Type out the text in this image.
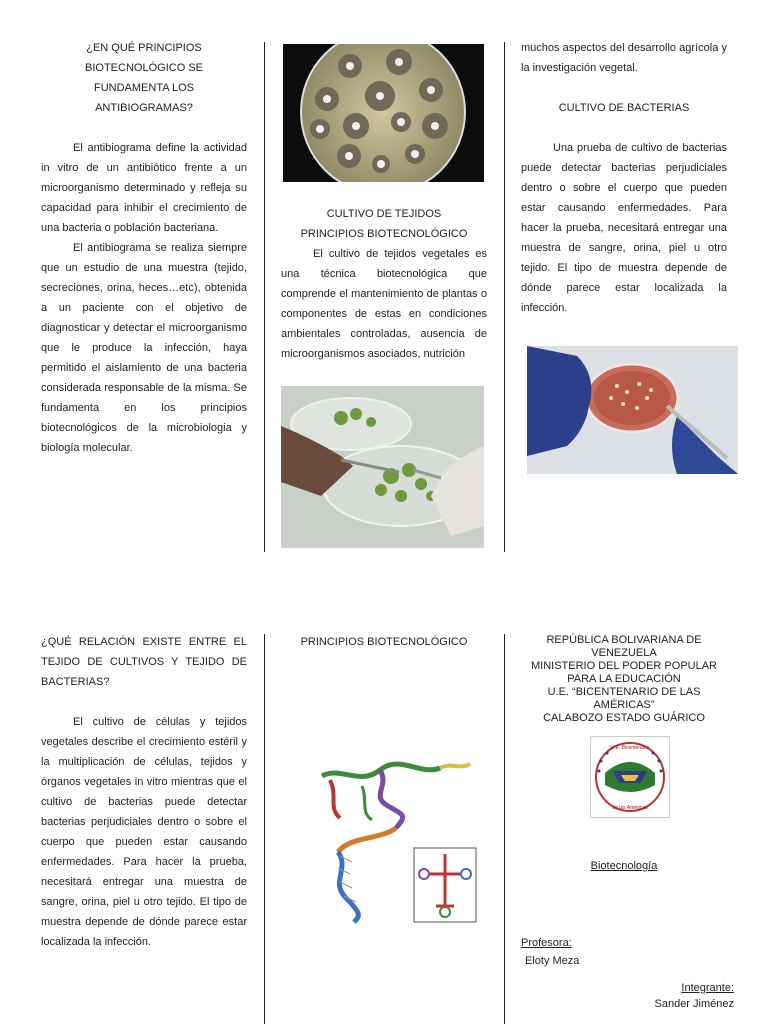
¿EN QUÉ PRINCIPIOS BIOTECNOLÓGICO SE FUNDAMENTA LOS ANTIBIOGRAMAS?

El antibiograma define la actividad in vitro de un antibiótico frente a un microorganismo determinado y refleja su capacidad para inhibir el crecimiento de una bacteria o población bacteriana.

El antibiograma se realiza siempre que un estudio de una muestra (tejido, secreciones, orina, heces…etc), obtenida a un paciente con el objetivo de diagnosticar y detectar el microorganismo que le produce la infección, haya permitido el aislamiento de una bacteria considerada responsable de la misma. Se fundamenta en los principios biotecnológicos de la microbiologia y biología molecular.

CULTIVO DE TEJIDOS PRINCIPIOS BIOTECNOLÓGICO

El cultivo de tejidos vegetales es una técnica biotecnológica que comprende el mantenimiento de plantas o componentes de estas en condiciones ambientales controladas, ausencia de microorganismos asociados, nutrición

muchos aspectos del desarrollo agrícola y la investigación vegetal.

CULTIVO DE BACTERIAS

Una prueba de cultivo de bacterias puede detectar bacterias perjudiciales dentro o sobre el cuerpo que pueden estar causando enfermedades. Para hacer la prueba, necesitará entregar una muestra de sangre, orina, piel u otro tejido. El tipo de muestra depende de dónde parece estar localizada la infección.

¿QUÉ RELACIÓN EXISTE ENTRE EL TEJIDO DE CULTIVOS Y TEJIDO DE BACTERIAS?

El cultivo de células y tejidos vegetales describe el crecimiento estéril y la multiplicación de células, tejidos y órganos vegetales in vitro mientras que el cultivo de bacterias puede detectar bacterias perjudiciales dentro o sobre el cuerpo que pueden estar causando enfermedades. Para hacer la prueba, necesitará entregar una muestra de sangre, orina, piel u otro tejido. El tipo de muestra depende de dónde parece estar localizada la infección.

PRINCIPIOS BIOTECNOLÓGICO	REPÚBLICA BOLIVARIANA DE VENEZUELA

MINISTERIO DEL PODER POPULAR PARA LA EDUCACIÓN

U.E. “BICENTENARIO DE LAS AMÉRICAS”

CALABOZO ESTADO GUÁRICO

U.E. Bicentenario
de las Américas

Biotecnología

Profesora:

Eloty Meza

Integrante:

Sander Jiménez
